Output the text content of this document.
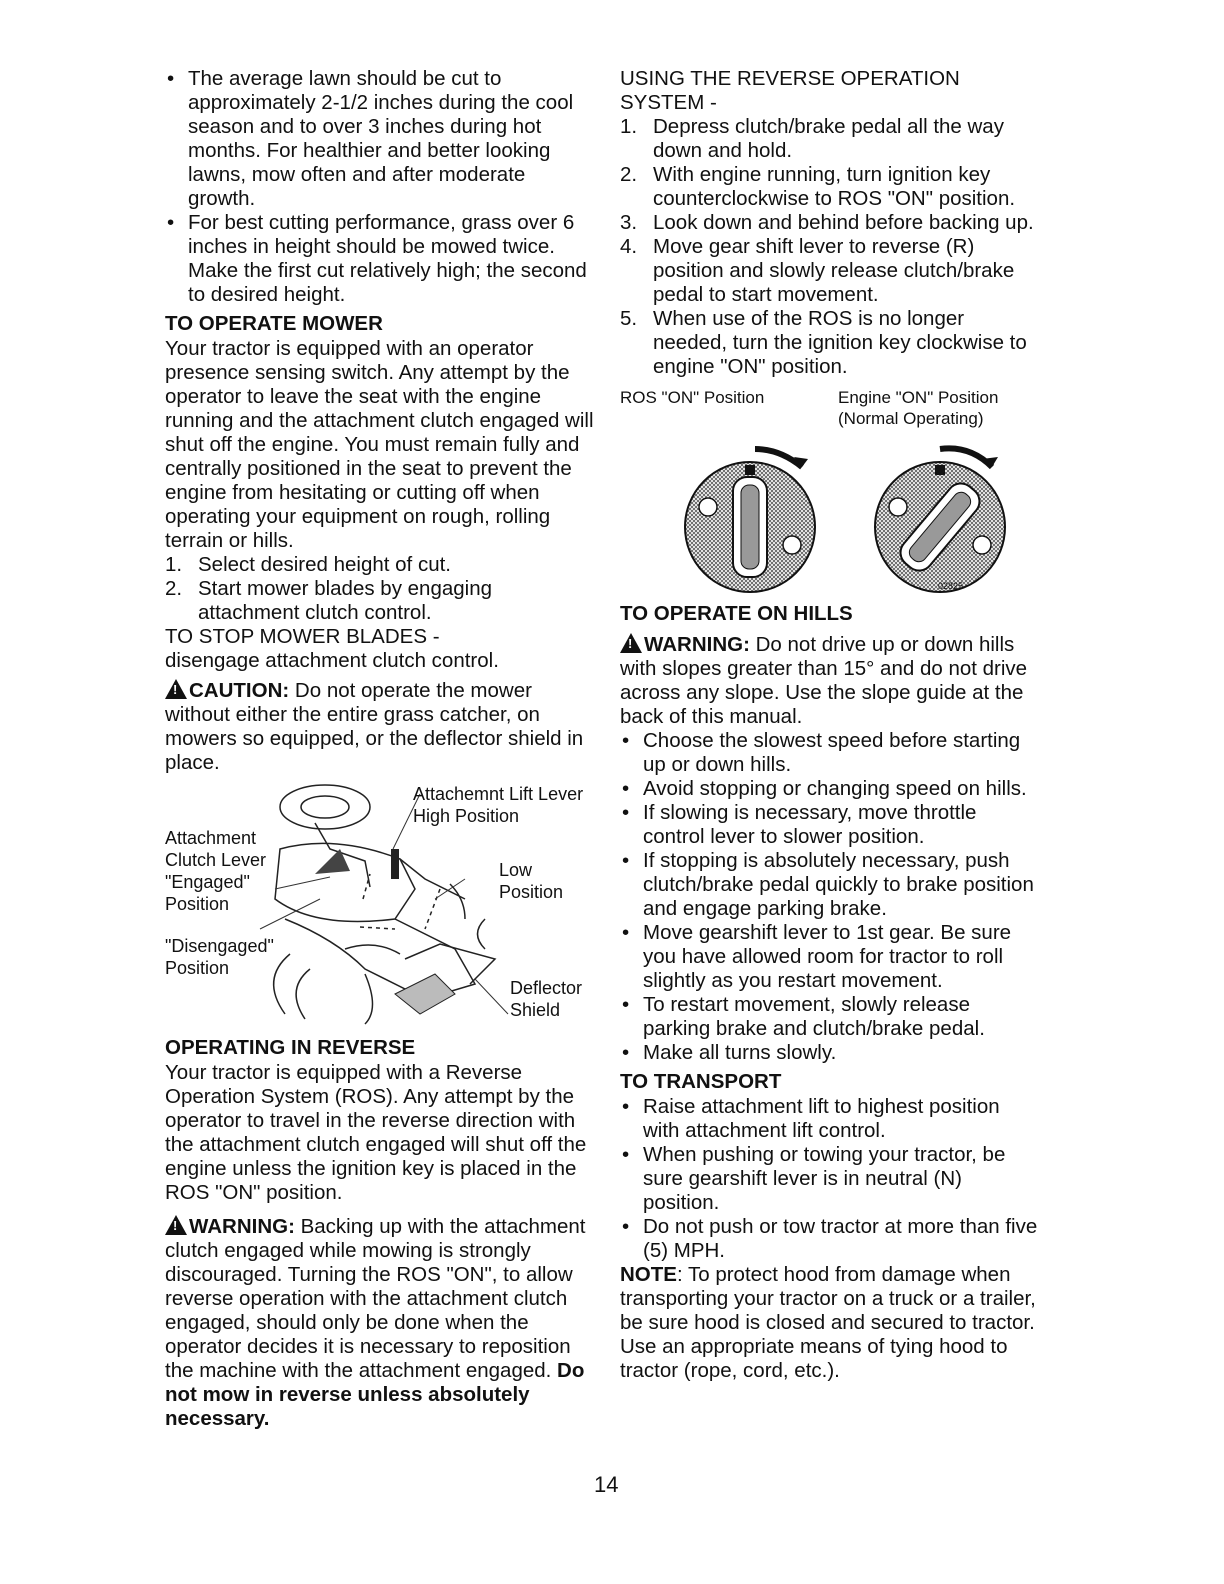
• The average lawn should be cut to approximately 2-1/2 inches during the cool season and to over 3 inches during hot months. For healthier and better looking lawns, mow often and after moderate growth.
• For best cutting performance, grass over 6 inches in height should be mowed twice. Make the first cut relatively high; the second to desired height.
TO OPERATE MOWER

Your tractor is equipped with an operator presence sensing switch. Any attempt by the operator to leave the seat with the engine running and the attachment clutch engaged will shut off the engine. You must remain fully and centrally positioned in the seat to prevent the engine from hesitating or cutting off when operating your equipment on rough, rolling terrain or hills.

1. Select desired height of cut.
2. Start mower blades by engaging attachment clutch control.
TO STOP MOWER BLADES -
disengage attachment clutch control.
!CAUTION: Do not operate the mower without either the entire grass catcher, on mowers so equipped, or the deflector shield in place.
Attachemnt Lift Lever High Position
Attachment Clutch Lever "Engaged" Position
Low Position
"Disengaged" Position
Deflector Shield
OPERATING IN REVERSE

Your tractor is equipped with a Reverse Operation System (ROS). Any attempt by the operator to travel in the reverse direction with the attachment clutch engaged will shut off the engine unless the ignition key is placed in the ROS "ON" position.

!WARNING: Backing up with the attachment clutch engaged while mowing is strongly discouraged. Turning the ROS "ON", to allow reverse operation with the attachment clutch engaged, should only be done when the operator decides it is necessary to reposition the machine with the attachment engaged. Do not mow in reverse unless absolutely necessary.
USING THE REVERSE OPERATION SYSTEM -
1. Depress clutch/brake pedal all the way down and hold.
2. With engine running, turn ignition key counterclockwise to ROS "ON" position.
3. Look down and behind before backing up.
4. Move gear shift lever to reverse (R) position and slowly release clutch/brake pedal to start movement.
5. When use of the ROS is no longer needed, turn the ignition key clockwise to engine "ON" position.
ROS "ON" Position	Engine "ON" Position
(Normal Operating)
02825
TO OPERATE ON HILLS
!WARNING: Do not drive up or down hills with slopes greater than 15° and do not drive across any slope. Use the slope guide at the back of this manual.
• Choose the slowest speed before starting up or down hills.
• Avoid stopping or changing speed on hills.
• If slowing is necessary, move throttle control lever to slower position.
• If stopping is absolutely necessary, push clutch/brake pedal quickly to brake position and engage parking brake.
• Move gearshift lever to 1st gear. Be sure you have allowed room for tractor to roll slightly as you restart movement.
• To restart movement, slowly release parking brake and clutch/brake pedal.
• Make all turns slowly.
TO TRANSPORT
• Raise attachment lift to highest position with attachment lift control.
• When pushing or towing your tractor, be sure gearshift lever is in neutral (N) position.
• Do not push or tow tractor at more than five (5) MPH.
NOTE: To protect hood from damage when transporting your tractor on a truck or a trailer, be sure hood is closed and secured to tractor. Use an appropriate means of tying hood to tractor (rope, cord, etc.).
14
